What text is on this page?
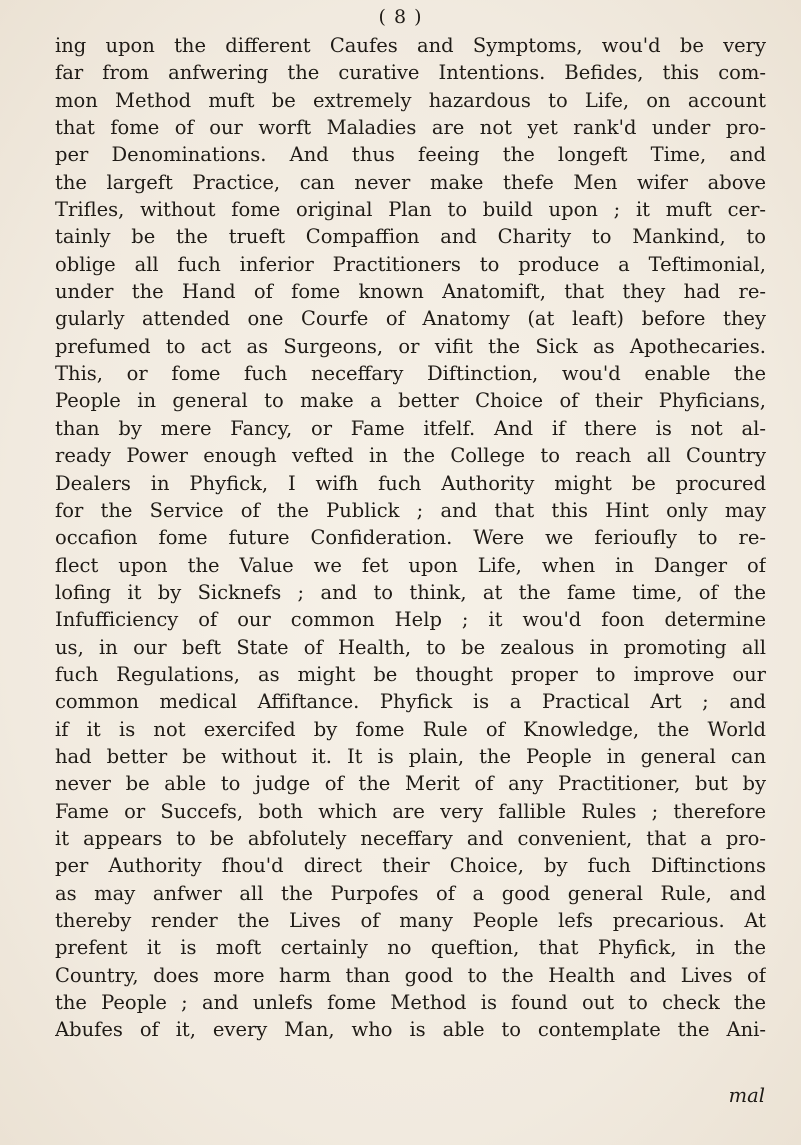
( 8 )
ing upon the different Caufes and Symptoms, wou'd be very
far from anfwering the curative Intentions. Befides, this com-
mon Method muft be extremely hazardous to Life, on account
that fome of our worft Maladies are not yet rank'd under pro-
per Denominations. And thus feeing the longeft Time, and
the largeft Practice, can never make thefe Men wifer above
Trifles, without fome original Plan to build upon ; it muft cer-
tainly be the trueft Compaffion and Charity to Mankind, to
oblige all fuch inferior Practitioners to produce a Teftimonial,
under the Hand of fome known Anatomift, that they had re-
gularly attended one Courfe of Anatomy (at leaft) before they
prefumed to act as Surgeons, or vifit the Sick as Apothecaries.
This, or fome fuch neceffary Diftinction, wou'd enable the
People in general to make a better Choice of their Phyficians,
than by mere Fancy, or Fame itfelf. And if there is not al-
ready Power enough vefted in the College to reach all Country
Dealers in Phyfick, I wifh fuch Authority might be procured
for the Service of the Publick ; and that this Hint only may
occafion fome future Confideration. Were we ferioufly to re-
flect upon the Value we fet upon Life, when in Danger of
lofing it by Sicknefs ; and to think, at the fame time, of the
Infufficiency of our common Help ; it wou'd foon determine
us, in our beft State of Health, to be zealous in promoting all
fuch Regulations, as might be thought proper to improve our
common medical Affiftance. Phyfick is a Practical Art ; and
if it is not exercifed by fome Rule of Knowledge, the World
had better be without it. It is plain, the People in general can
never be able to judge of the Merit of any Practitioner, but by
Fame or Succefs, both which are very fallible Rules ; therefore
it appears to be abfolutely neceffary and convenient, that a pro-
per Authority fhou'd direct their Choice, by fuch Diftinctions
as may anfwer all the Purpofes of a good general Rule, and
thereby render the Lives of many People lefs precarious. At
prefent it is moft certainly no queftion, that Phyfick, in the
Country, does more harm than good to the Health and Lives of
the People ; and unlefs fome Method is found out to check the
Abufes of it, every Man, who is able to contemplate the Ani-
mal
